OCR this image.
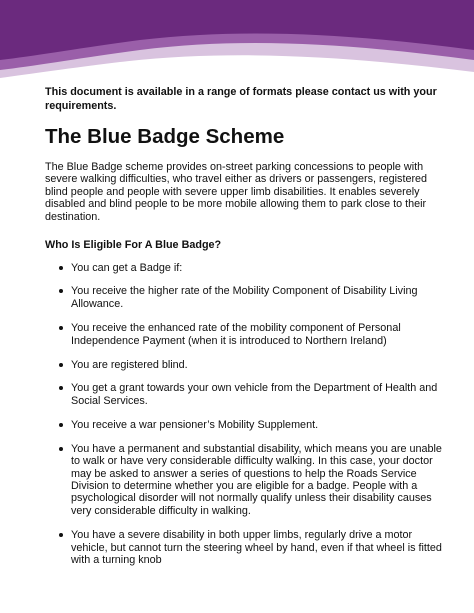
This document is available in a range of formats please contact us with your requirements.

The Blue Badge Scheme

The Blue Badge scheme provides on-street parking concessions to people with severe walking difficulties, who travel either as drivers or passengers, registered blind people and people with severe upper limb disabilities. It enables severely disabled and blind people to be more mobile allowing them to park close to their destination.

Who Is Eligible For A Blue Badge?
You can get a Badge if:
You receive the higher rate of the Mobility Component of Disability Living Allowance.
You receive the enhanced rate of the mobility component of Personal Independence Payment (when it is introduced to Northern Ireland)
You are registered blind.
You get a grant towards your own vehicle from the Department of Health and Social Services.
You receive a war pensioner’s Mobility Supplement.
You have a permanent and substantial disability, which means you are unable to walk or have very considerable difficulty walking. In this case, your doctor may be asked to answer a series of questions to help the Roads Service Division to determine whether you are eligible for a badge. People with a psychological disorder will not normally qualify unless their disability causes very considerable difficulty in walking.
You have a severe disability in both upper limbs, regularly drive a motor vehicle, but cannot turn the steering wheel by hand, even if that wheel is fitted with a turning knob
